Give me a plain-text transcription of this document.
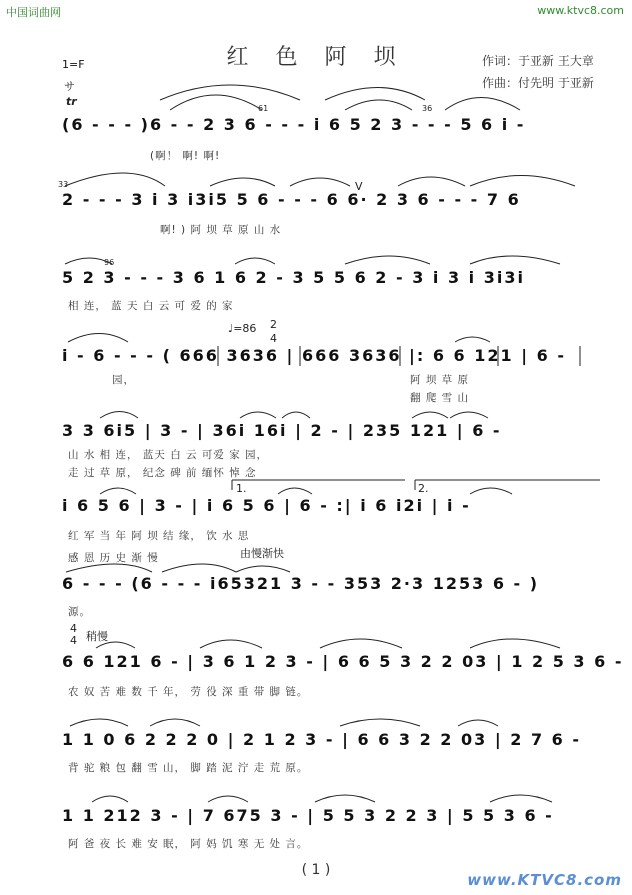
中国词曲网	www.ktvc8.com
红 色 阿 坝	作词：于亚新 王大章
作曲：付先明 于亚新
1=F
サ
tr
61	36
33
96
V
(6 - - - )6 - - 2 3 6 - - - i 6 5 2 3 - - - 5 6 i -
(啊！ 啊! 啊!
2 - - - 3 i 3 i3i5 5 6 - - - 6 6· 2 3 6 - - - 7 6
啊! ) 阿 坝 草 原 山 水
5 2 3 - - - 3 6 1 6 2 - 3 5 5 6 2 - 3 i 3 i 3i3i
相 连， 蓝 天 白 云 可 爱 的 家
♩=86 2
4
i - 6 - - - ( 666 3636 | 666 3636 |: 6 6 121 | 6 -
园，	阿 坝 草 原
翻 爬 雪 山
3 3 6i5 | 3 - | 36i 16i | 2 - | 235 121 | 6 -
山 水 相 连， 蓝天 白 云 可爱 家 园，
走 过 草 原， 纪念 碑 前 缅怀 悼 念
1.	2.
i 6 5 6 | 3 - | i 6 5 6 | 6 - :| i 6 i2i | i -
红 军 当 年 阿 坝 结 缘， 饮 水 思
感 恩 历 史 渐 慢	由慢渐快
6 - - - (6 - - - i65321 3 - - 353 2·3 1253 6 - )
源。
4
4 稍慢
6 6 121 6 - | 3 6 1 2 3 - | 6 6 5 3 2 2 03 | 1 2 5 3 6 -
农 奴 苦 难 数 千 年， 劳 役 深 重 带 脚 链。
1 1 0 6 2 2 2 0 | 2 1 2 3 - | 6 6 3 2 2 03 | 2 7 6 -
背 驼 粮 包 翻 雪 山， 脚 踏 泥 泞 走 荒 原。
1 1 212 3 - | 7 675 3 - | 5 5 3 2 2 3 | 5 5 3 6 -
阿 爸 夜 长 难 安 眠， 阿 妈 饥 寒 无 处 言。
( 1 )
www.KTVC8.com
